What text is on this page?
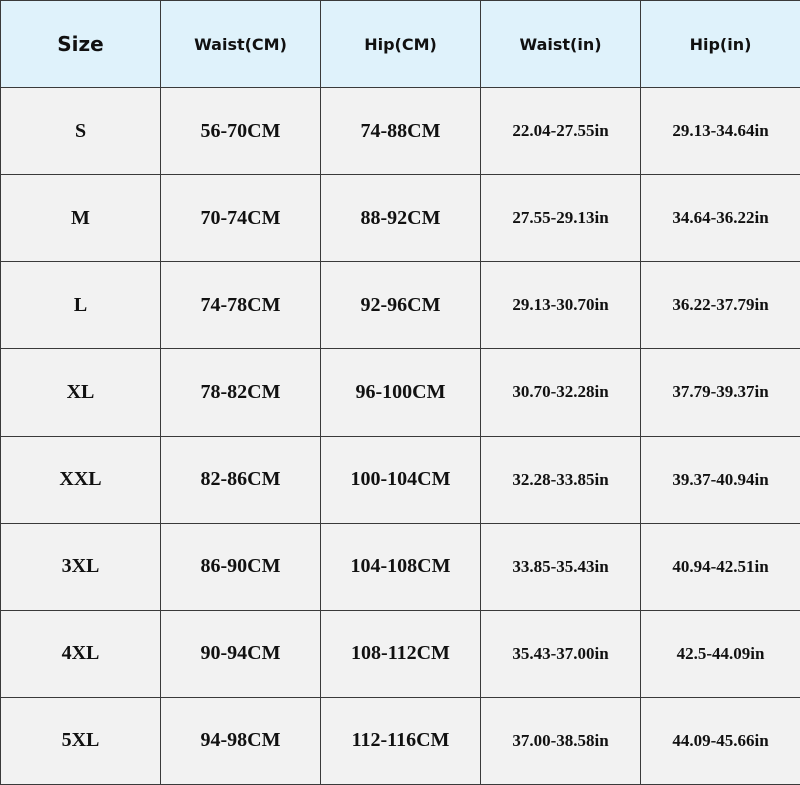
Size	Waist(CM)	Hip(CM)	Waist(in)	Hip(in)
S	56-70CM	74-88CM	22.04-27.55in	29.13-34.64in
M	70-74CM	88-92CM	27.55-29.13in	34.64-36.22in
L	74-78CM	92-96CM	29.13-30.70in	36.22-37.79in
XL	78-82CM	96-100CM	30.70-32.28in	37.79-39.37in
XXL	82-86CM	100-104CM	32.28-33.85in	39.37-40.94in
3XL	86-90CM	104-108CM	33.85-35.43in	40.94-42.51in
4XL	90-94CM	108-112CM	35.43-37.00in	42.5-44.09in
5XL	94-98CM	112-116CM	37.00-38.58in	44.09-45.66in
